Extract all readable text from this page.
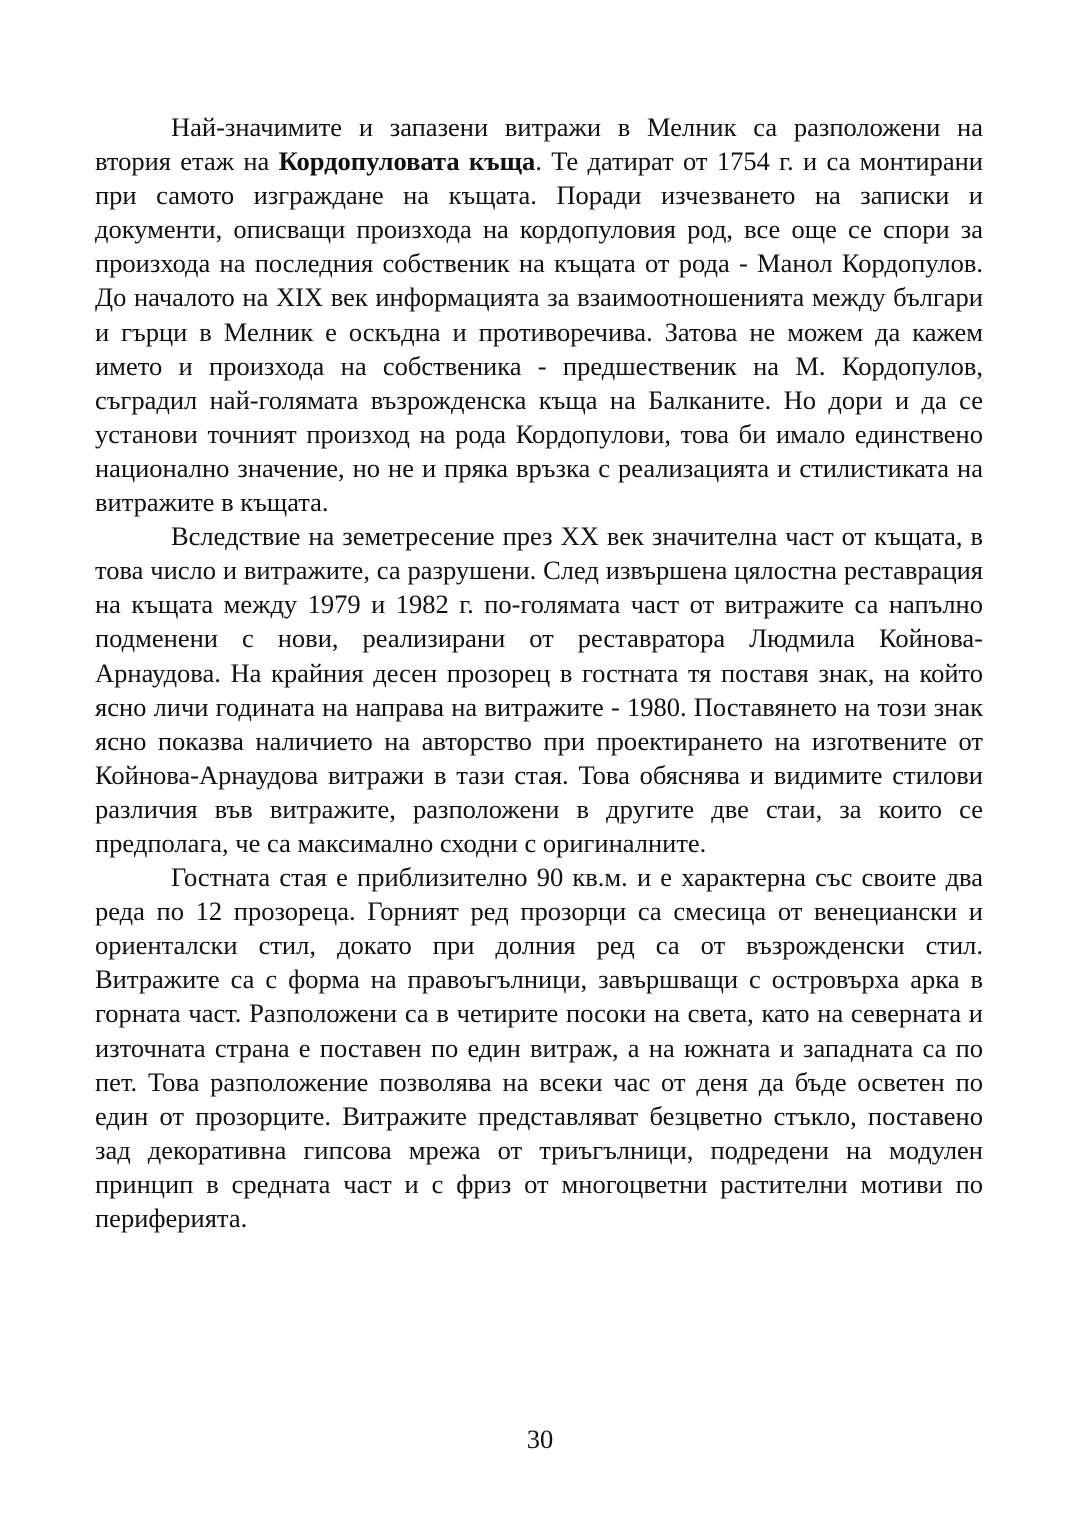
Най-значимите и запазени витражи в Мелник са разположени на втория етаж на Кордопуловата къща. Те датират от 1754 г. и са монтирани при самото изграждане на къщата. Поради изчезването на записки и документи, описващи произхода на кордопуловия род, все още се спори за произхода на последния собственик на къщата от рода - Манол Кордопулов. До началото на XIX век информацията за взаимоотношенията между българи и гърци в Мелник е оскъдна и противоречива. Затова не можем да кажем името и произхода на собственика - предшественик на М. Кордопулов, съградил най-голямата възрожденска къща на Балканите. Но дори и да се установи точният произход на рода Кордопулови, това би имало единствено национално значение, но не и пряка връзка с реализацията и стилистиката на витражите в къщата.

Вследствие на земетресение през XX век значителна част от къщата, в това число и витражите, са разрушени. След извършена цялостна реставрация на къщата между 1979 и 1982 г. по-голямата част от витражите са напълно подменени с нови, реализирани от реставратора Людмила Койнова-Арнаудова. На крайния десен прозорец в гостната тя поставя знак, на който ясно личи годината на направа на витражите - 1980. Поставянето на този знак ясно показва наличието на авторство при проектирането на изготвените от Койнова-Арнаудова витражи в тази стая. Това обяснява и видимите стилови различия във витражите, разположени в другите две стаи, за които се предполага, че са максимално сходни с оригиналните.

Гостната стая е приблизително 90 кв.м. и е характерна със своите два реда по 12 прозореца. Горният ред прозорци са смесица от венециански и ориенталски стил, докато при долния ред са от възрожденски стил. Витражите са с форма на правоъгълници, завършващи с островърха арка в горната част. Разположени са в четирите посоки на света, като на северната и източната страна е поставен по един витраж, а на южната и западната са по пет. Това разположение позволява на всеки час от деня да бъде осветен по един от прозорците. Витражите представляват безцветно стъкло, поставено зад декоративна гипсова мрежа от триъгълници, подредени на модулен принцип в средната част и с фриз от многоцветни растителни мотиви по периферията.

30
